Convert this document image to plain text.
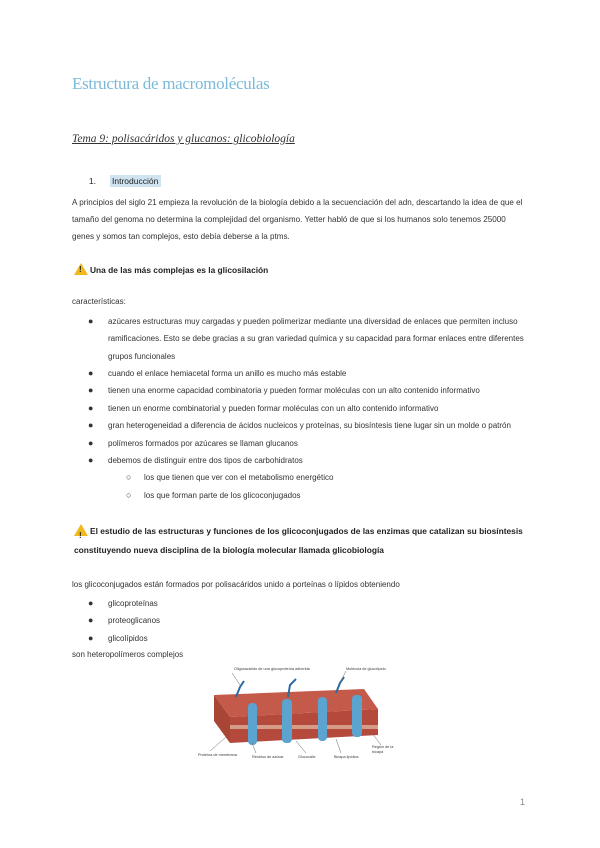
Estructura de macromoléculas
Tema 9: polisacáridos y glucanos: glicobiología
1. Introducción
A principios del siglo 21 empieza la revolución de la biología debido a la secuenciación del adn, descartando la idea de que el tamaño del genoma no determina la complejidad del organismo. Yetter habló de que si los humanos solo tenemos 25000 genes y somos tan complejos, esto debía deberse a la ptms.
!Una de las más complejas es la glicosilación
características:
● azúcares estructuras muy cargadas y pueden polimerizar mediante una diversidad de enlaces que permiten incluso ramificaciones. Esto se debe gracias a su gran variedad química y su capacidad para formar enlaces entre diferentes grupos funcionales
● cuando el enlace hemiacetal forma un anillo es mucho más estable
● tienen una enorme capacidad combinatoria y pueden formar moléculas con un alto contenido informativo
● tienen un enorme combinatorial y pueden formar moléculas con un alto contenido informativo
● gran heterogeneidad a diferencia de ácidos nucleicos y proteínas, su biosíntesis tiene lugar sin un molde o patrón
● polímeros formados por azúcares se llaman glucanos
● debemos de distinguir entre dos tipos de carbohidratos
○ los que tienen que ver con el metabolismo energético
○ los que forman parte de los glicoconjugados
!El estudio de las estructuras y funciones de los glicoconjugados de las enzimas que catalizan su biosíntesis constituyendo nueva disciplina de la biología molecular llamada glicobiología
los glicoconjugados están formados por polisacáridos unido a porteínas o lípidos obteniendo
● glicoproteínas
● proteoglicanos
● glicolípidos
son heteropolímeros complejos
Oligosacárido de una glucoproteína adherida	Molécula de glucolípido
Proteína de membrana	Residuo de azúcar	Glucocálix	Bicapa lipídica
Región de la bicapa
1
